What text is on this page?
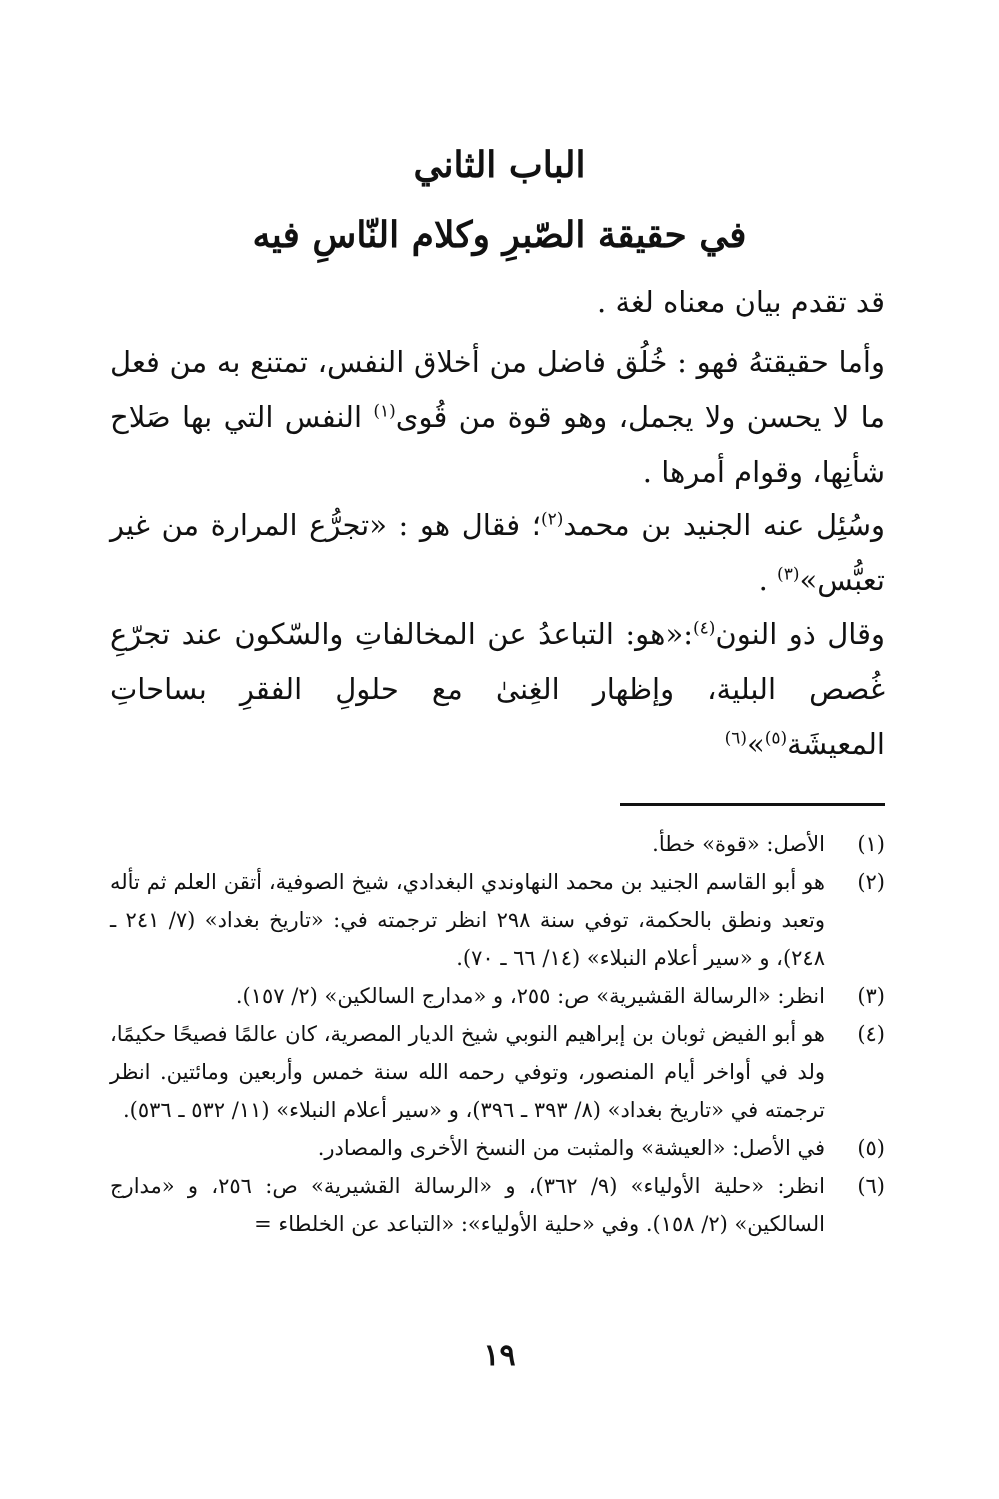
الباب الثاني
في حقيقة الصّبرِ وكلام النّاسِ فيه
قد تقدم بيان معناه لغة .
وأما حقيقتهُ فهو : خُلُق فاضل من أخلاق النفس، تمتنع به من فعل ما لا يحسن ولا يجمل، وهو قوة من قُوى$^{(١)}$ النفس التي بها صَلاح شأنِها، وقوام أمرها .
وسُئِل عنه الجنيد بن محمد$^{(٢)}$؛ فقال هو : «تجرُّع المرارة من غير تعبُّس»$^{(٣)}$ .
وقال ذو النون$^{(٤)}$:«هو: التباعدُ عن المخالفاتِ والسّكون عند تجرّعِ غُصص البلية، وإظهار الغِنىٰ مع حلولِ الفقرِ بساحاتِ المعيشَة$^{(٥)}$»$^{(٦)}$
(١)
الأصل: «قوة» خطأ.
(٢)
هو أبو القاسم الجنيد بن محمد النهاوندي البغدادي، شيخ الصوفية، أتقن العلم ثم تأله وتعبد ونطق بالحكمة، توفي سنة ٢٩٨ انظر ترجمته في: «تاريخ بغداد» (٧/ ٢٤١ ـ ٢٤٨)، و «سير أعلام النبلاء» (١٤/ ٦٦ ـ ٧٠).
(٣)
انظر: «الرسالة القشيرية» ص: ٢٥٥، و «مدارج السالكين» (٢/ ١٥٧).
(٤)
هو أبو الفيض ثوبان بن إبراهيم النوبي شيخ الديار المصرية، كان عالمًا فصيحًا حكيمًا، ولد في أواخر أيام المنصور، وتوفي رحمه الله سنة خمس وأربعين ومائتين. انظر ترجمته في «تاريخ بغداد» (٨/ ٣٩٣ ـ ٣٩٦)، و «سير أعلام النبلاء» (١١/ ٥٣٢ ـ ٥٣٦).
(٥)
في الأصل: «العيشة» والمثبت من النسخ الأخرى والمصادر.
(٦)
انظر: «حلية الأولياء» (٩/ ٣٦٢)، و «الرسالة القشيرية» ص: ٢٥٦، و «مدارج السالكين» (٢/ ١٥٨). وفي «حلية الأولياء»: «التباعد عن الخلطاء =
١٩
